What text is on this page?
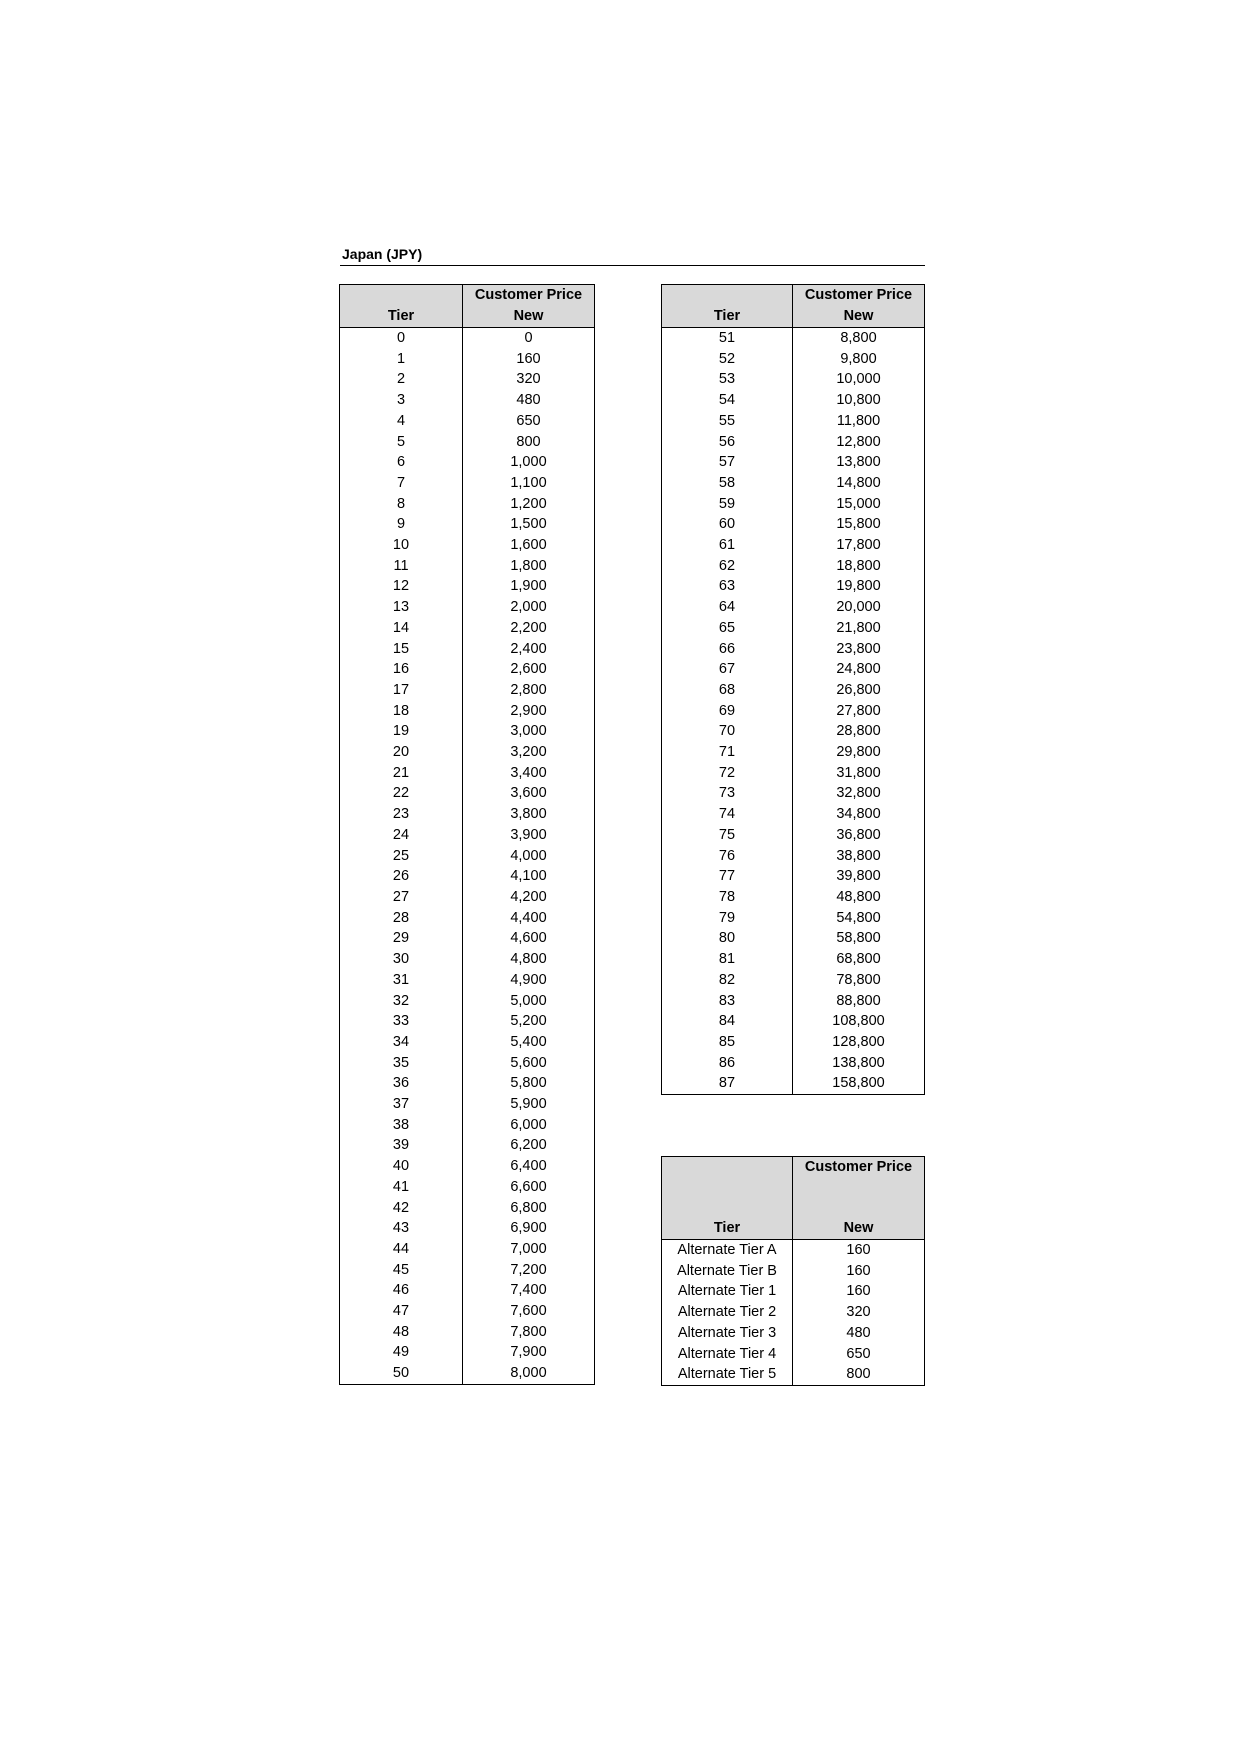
Japan (JPY)
Tier	Customer Price
New

0	0
1	160
2	320
3	480
4	650
5	800
6	1,000
7	1,100
8	1,200
9	1,500
10	1,600
11	1,800
12	1,900
13	2,000
14	2,200
15	2,400
16	2,600
17	2,800
18	2,900
19	3,000
20	3,200
21	3,400
22	3,600
23	3,800
24	3,900
25	4,000
26	4,100
27	4,200
28	4,400
29	4,600
30	4,800
31	4,900
32	5,000
33	5,200
34	5,400
35	5,600
36	5,800
37	5,900
38	6,000
39	6,200
40	6,400
41	6,600
42	6,800
43	6,900
44	7,000
45	7,200
46	7,400
47	7,600
48	7,800
49	7,900
50	8,000
Tier	Customer Price
New

51	8,800
52	9,800
53	10,000
54	10,800
55	11,800
56	12,800
57	13,800
58	14,800
59	15,000
60	15,800
61	17,800
62	18,800
63	19,800
64	20,000
65	21,800
66	23,800
67	24,800
68	26,800
69	27,800
70	28,800
71	29,800
72	31,800
73	32,800
74	34,800
75	36,800
76	38,800
77	39,800
78	48,800
79	54,800
80	58,800
81	68,800
82	78,800
83	88,800
84	108,800
85	128,800
86	138,800
87	158,800
Tier	Customer Price
New

Alternate Tier A	160
Alternate Tier B	160
Alternate Tier 1	160
Alternate Tier 2	320
Alternate Tier 3	480
Alternate Tier 4	650
Alternate Tier 5	800
